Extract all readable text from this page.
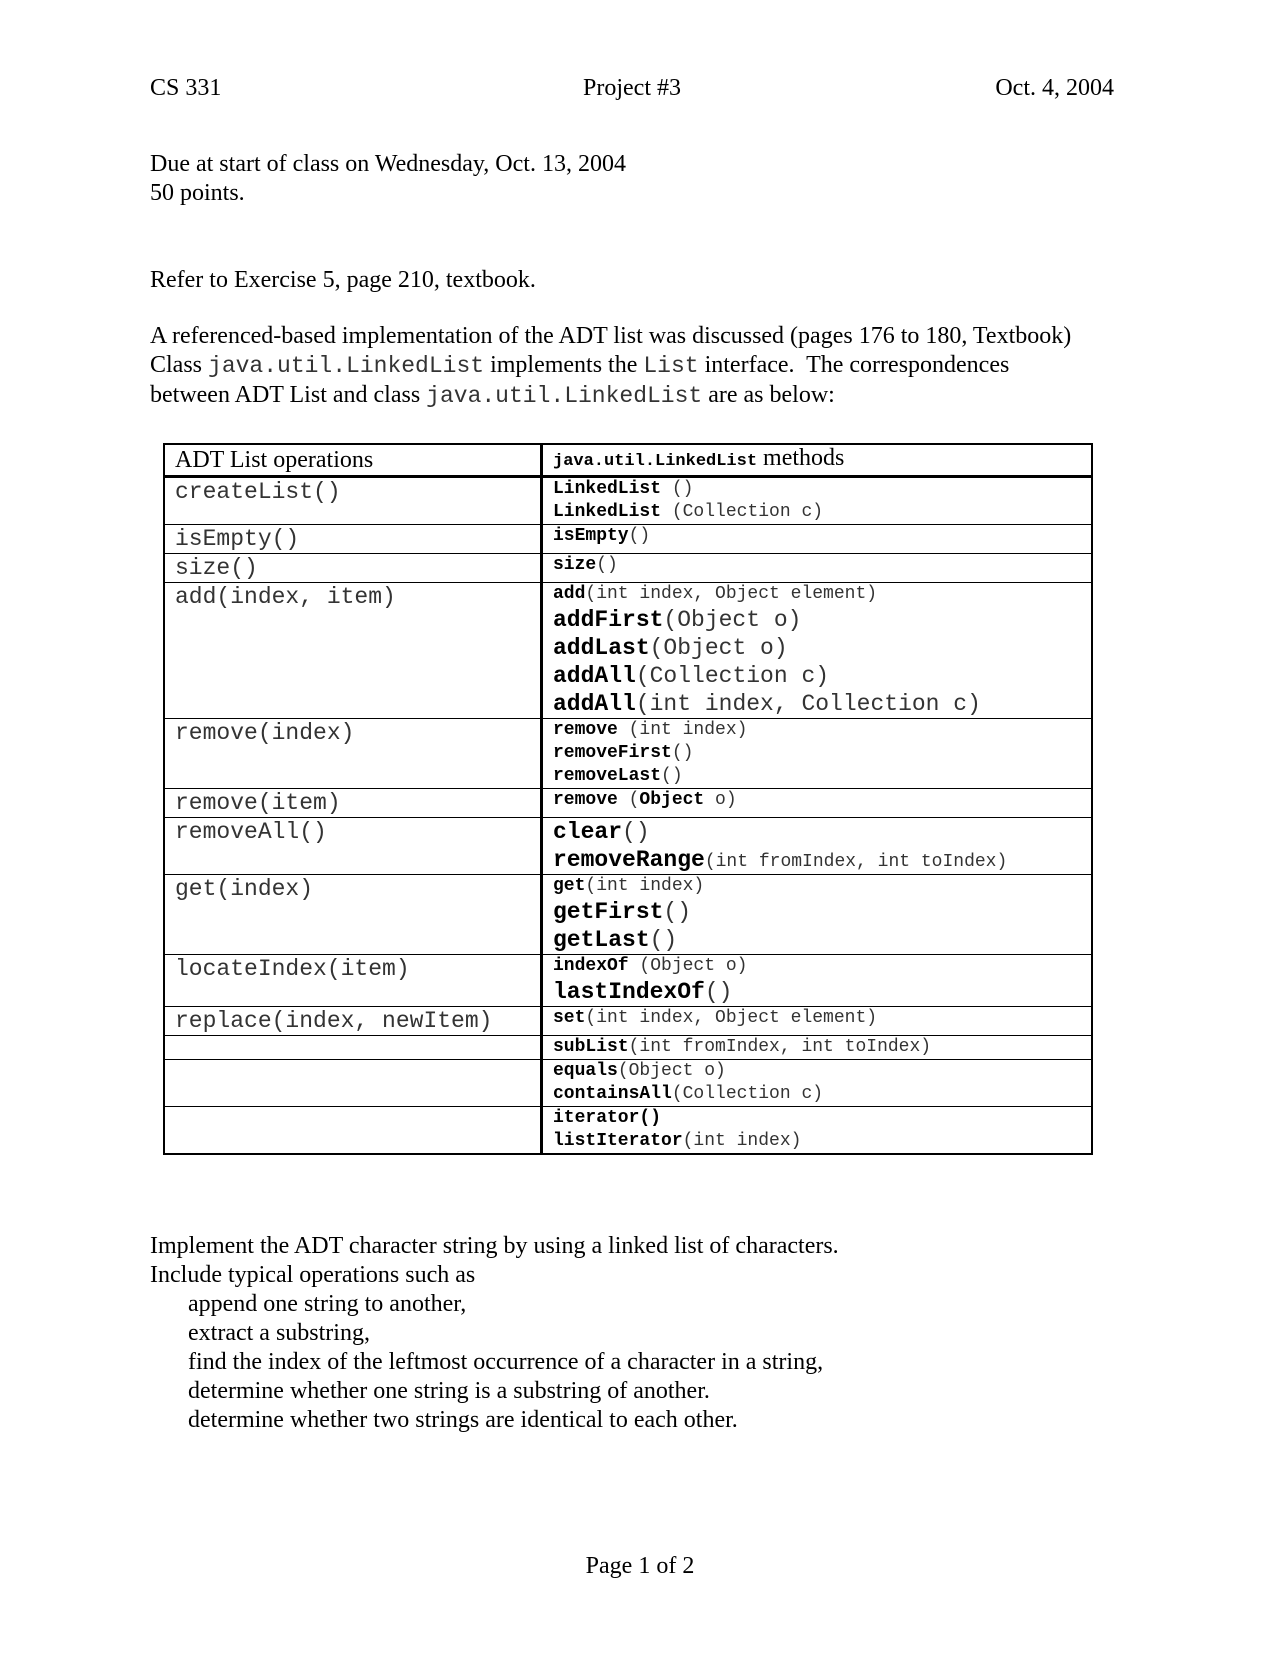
CS 331	Project #3	Oct. 4, 2004
Due at start of class on Wednesday, Oct. 13, 2004
50 points.
Refer to Exercise 5, page 210, textbook.
A referenced-based implementation of the ADT list was discussed (pages 176 to 180, Textbook)
Class java.util.LinkedList implements the List interface.  The correspondences
between ADT List and class java.util.LinkedList are as below:
ADT List operations	java.util.LinkedList methods
createList()	LinkedList ()
LinkedList (Collection c)

isEmpty()	isEmpty()

size()	size()

add(index, item)	add(int index, Object element)
addFirst(Object o)
addLast(Object o)
addAll(Collection c)
addAll(int index, Collection c)

remove(index)	remove (int index)
removeFirst()
removeLast()

remove(item)	remove (Object o)

removeAll()	clear()
removeRange(int fromIndex, int toIndex)

get(index)	get(int index)
getFirst()
getLast()

locateIndex(item)	indexOf (Object o)
lastIndexOf()

replace(index, newItem)	set(int index, Object element)

	subList(int fromIndex, int toIndex)

	equals(Object o)
containsAll(Collection c)

	iterator()
listIterator(int index)
Implement the ADT character string by using a linked list of characters.
Include typical operations such as
append one string to another,
extract a substring,
find the index of the leftmost occurrence of a character in a string,
determine whether one string is a substring of another.
determine whether two strings are identical to each other.
Page 1 of 2
